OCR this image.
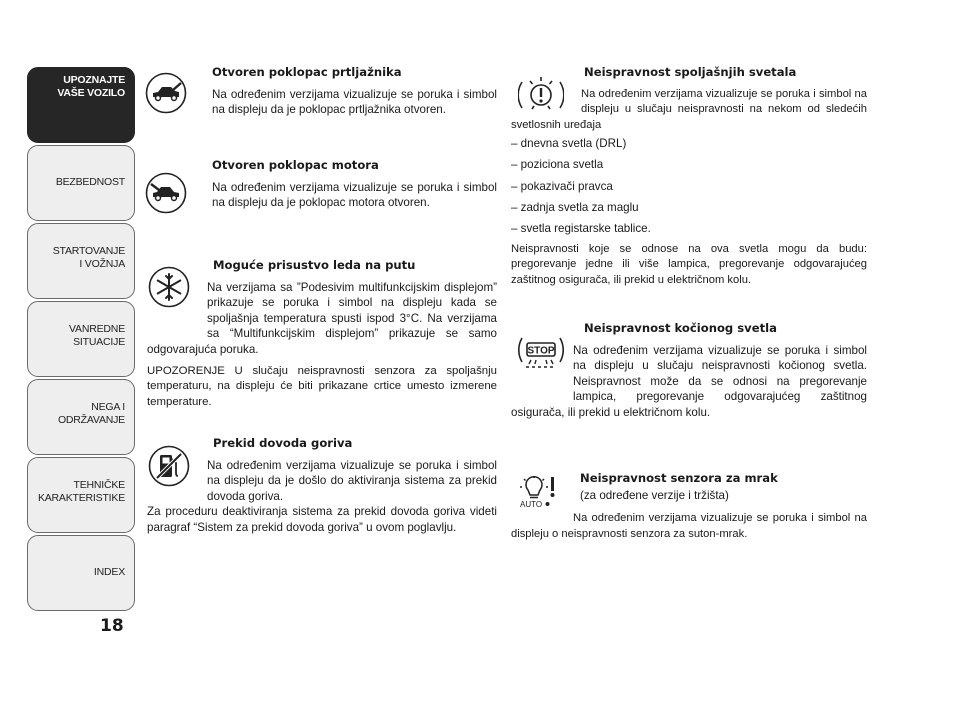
UPOZNAJTE
VAŠE VOZILO
BEZBEDNOST
STARTOVANJE
I VOŽNJA
VANREDNE
SITUACIJE
NEGA I
ODRŽAVANJE
TEHNIČKE
KARAKTERISTIKE
INDEX
18
Otvoren poklopac prtljažnika

Na određenim verzijama vizualizuje se poruka i simbol na displeju da je poklopac prtljažnika otvoren.

Otvoren poklopac motora

Na određenim verzijama vizualizuje se poruka i simbol na displeju da je poklopac motora otvoren.

Moguće prisustvo leda na putu

Na verzijama sa ”Podesivim multifunkcijskim displejom” prikazuje se poruka i simbol na displeju kada se spoljašnja temperatura spusti ispod 3°C. Na verzijama sa “Multifunkcijskim displejom” prikazuje se samo odgovarajuća poruka.

UPOZORENJE U slučaju neispravnosti senzora za spoljašnju temperaturu, na displeju će biti prikazane crtice umesto izmerene temperature.

Prekid dovoda goriva

Na određenim verzijama vizualizuje se poruka i simbol na displeju da je došlo do aktiviranja sistema za prekid dovoda goriva.

Za proceduru deaktiviranja sistema za prekid dovoda goriva videti paragraf “Sistem za prekid dovoda goriva” u ovom poglavlju.

Neispravnost spoljašnjih svetala

Na određenim verzijama vizualizuje se poruka i simbol na displeju u slučaju neispravnosti na nekom od sledećih svetlosnih uređaja

– dnevna svetla (DRL)
– poziciona svetla
– pokazivači pravca
– zadnja svetla za maglu
– svetla registarske tablice.

Neispravnosti koje se odnose na ova svetla mogu da budu: pregorevanje jedne ili više lampica, pregorevanje odgovarajućeg zaštitnog osigurača, ili prekid u električnom kolu.

STOP
Neispravnost kočionog svetla

Na određenim verzijama vizualizuje se poruka i simbol na displeju u slučaju neispravnosti kočionog svetla. Neispravnost može da se odnosi na pregorevanje lampica, pregorevanje odgovarajućeg zaštitnog osigurača, ili prekid u električnom kolu.

AUTO
Neispravnost senzora za mrak
(za određene verzije i tržišta)

Na određenim verzijama vizualizuje se poruka i simbol na displeju o neispravnosti senzora za suton-mrak.
